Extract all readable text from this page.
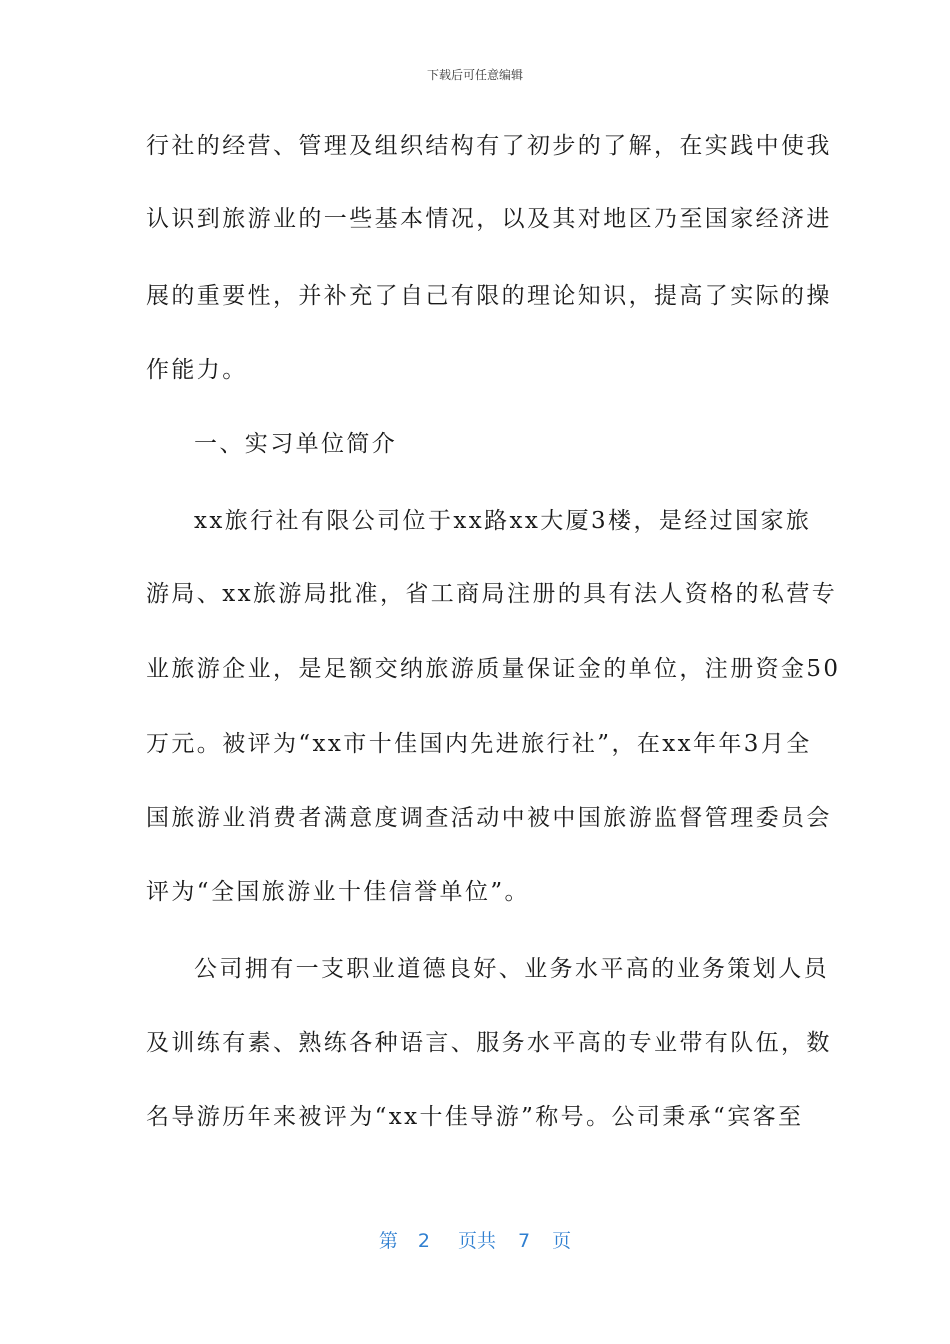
下载后可任意编辑
行社的经营、管理及组织结构有了初步的了解，在实践中使我
认识到旅游业的一些基本情况，以及其对地区乃至国家经济进
展的重要性，并补充了自己有限的理论知识，提高了实际的操
作能力。
一、实习单位简介
xx旅行社有限公司位于xx路xx大厦3楼，是经过国家旅
游局、xx旅游局批准，省工商局注册的具有法人资格的私营专
业旅游企业，是足额交纳旅游质量保证金的单位，注册资金50
万元。被评为“xx市十佳国内先进旅行社”，在xx年年3月全
国旅游业消费者满意度调查活动中被中国旅游监督管理委员会
评为“全国旅游业十佳信誉单位”。
公司拥有一支职业道德良好、业务水平高的业务策划人员
及训练有素、熟练各种语言、服务水平高的专业带有队伍，数
名导游历年来被评为“xx十佳导游”称号。公司秉承“宾客至
第 2 页共 7 页
